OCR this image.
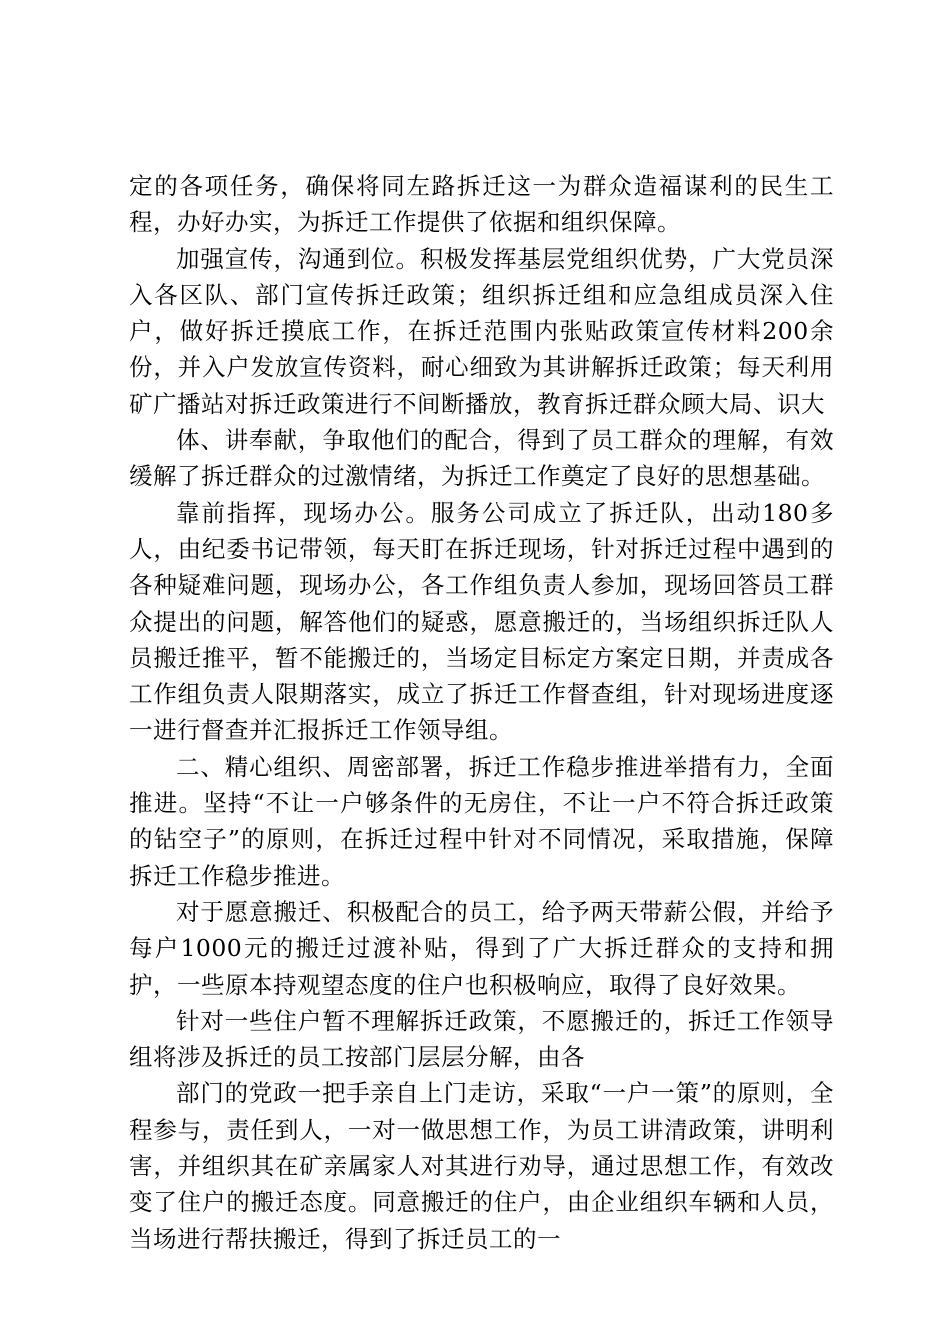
定的各项任务，确保将同左路拆迁这一为群众造福谋利的民生工程，办好办实，为拆迁工作提供了依据和组织保障。

加强宣传，沟通到位。积极发挥基层党组织优势，广大党员深入各区队、部门宣传拆迁政策；组织拆迁组和应急组成员深入住户，做好拆迁摸底工作，在拆迁范围内张贴政策宣传材料200余份，并入户发放宣传资料，耐心细致为其讲解拆迁政策；每天利用矿广播站对拆迁政策进行不间断播放，教育拆迁群众顾大局、识大

体、讲奉献，争取他们的配合，得到了员工群众的理解，有效缓解了拆迁群众的过激情绪，为拆迁工作奠定了良好的思想基础。

靠前指挥，现场办公。服务公司成立了拆迁队，出动180多人，由纪委书记带领，每天盯在拆迁现场，针对拆迁过程中遇到的各种疑难问题，现场办公，各工作组负责人参加，现场回答员工群众提出的问题，解答他们的疑惑，愿意搬迁的，当场组织拆迁队人员搬迁推平，暂不能搬迁的，当场定目标定方案定日期，并责成各工作组负责人限期落实，成立了拆迁工作督查组，针对现场进度逐一进行督查并汇报拆迁工作领导组。

二、精心组织、周密部署，拆迁工作稳步推进举措有力，全面推进。坚持“不让一户够条件的无房住，不让一户不符合拆迁政策的钻空子”的原则，在拆迁过程中针对不同情况，采取措施，保障拆迁工作稳步推进。

对于愿意搬迁、积极配合的员工，给予两天带薪公假，并给予每户1000元的搬迁过渡补贴，得到了广大拆迁群众的支持和拥护，一些原本持观望态度的住户也积极响应，取得了良好效果。

针对一些住户暂不理解拆迁政策，不愿搬迁的，拆迁工作领导组将涉及拆迁的员工按部门层层分解，由各

部门的党政一把手亲自上门走访，采取“一户一策”的原则，全程参与，责任到人，一对一做思想工作，为员工讲清政策，讲明利害，并组织其在矿亲属家人对其进行劝导，通过思想工作，有效改变了住户的搬迁态度。同意搬迁的住户，由企业组织车辆和人员，当场进行帮扶搬迁，得到了拆迁员工的一
